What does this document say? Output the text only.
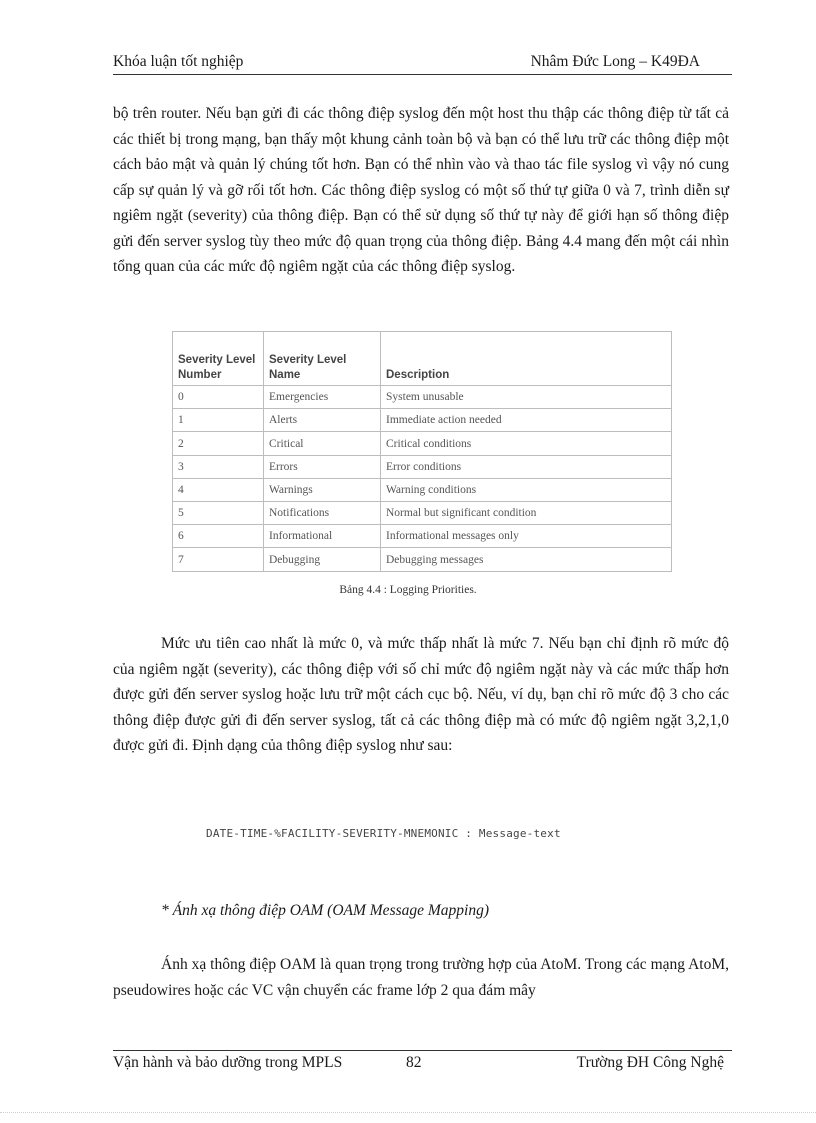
Khóa luận tốt nghiệp	Nhâm Đức Long – K49ĐA

bộ trên router. Nếu bạn gửi đi các thông điệp syslog đến một host thu thập các thông điệp từ tất cả các thiết bị trong mạng, bạn thấy một khung cảnh toàn bộ và bạn có thể lưu trữ các thông điệp một cách bảo mật và quản lý chúng tốt hơn. Bạn có thể nhìn vào và thao tác file syslog vì vậy nó cung cấp sự quản lý và gỡ rối tốt hơn. Các thông điệp syslog có một số thứ tự giữa 0 và 7, trình diễn sự ngiêm ngặt (severity) của thông điệp. Bạn có thể sử dụng số thứ tự này để giới hạn số thông điệp gửi đến server syslog tùy theo mức độ quan trọng của thông điệp. Bảng 4.4 mang đến một cái nhìn tổng quan của các mức độ ngiêm ngặt của các thông điệp syslog.

Severity Level Number	Severity Level Name	Description
0	Emergencies	System unusable
1	Alerts	Immediate action needed
2	Critical	Critical conditions
3	Errors	Error conditions
4	Warnings	Warning conditions
5	Notifications	Normal but significant condition
6	Informational	Informational messages only
7	Debugging	Debugging messages
Bảng 4.4 : Logging Priorities.

Mức ưu tiên cao nhất là mức 0, và mức thấp nhất là mức 7. Nếu bạn chỉ định rõ mức độ của ngiêm ngặt (severity), các thông điệp với số chỉ mức độ ngiêm ngặt này và các mức thấp hơn được gửi đến server syslog hoặc lưu trữ một cách cục bộ. Nếu, ví dụ, bạn chỉ rõ mức độ 3 cho các thông điệp được gửi đi đến server syslog, tất cả các thông điệp mà có mức độ ngiêm ngặt 3,2,1,0 được gửi đi. Định dạng của thông điệp syslog như sau:

DATE-TIME-%FACILITY-SEVERITY-MNEMONIC : Message-text
* Ánh xạ thông điệp OAM (OAM Message Mapping)

Ánh xạ thông điệp OAM là quan trọng trong trường hợp của AtoM. Trong các mạng AtoM, pseudowires hoặc các VC vận chuyển các frame lớp 2 qua đám mây

Vận hành và bảo dưỡng trong MPLS	82	Trường ĐH Công Nghệ
